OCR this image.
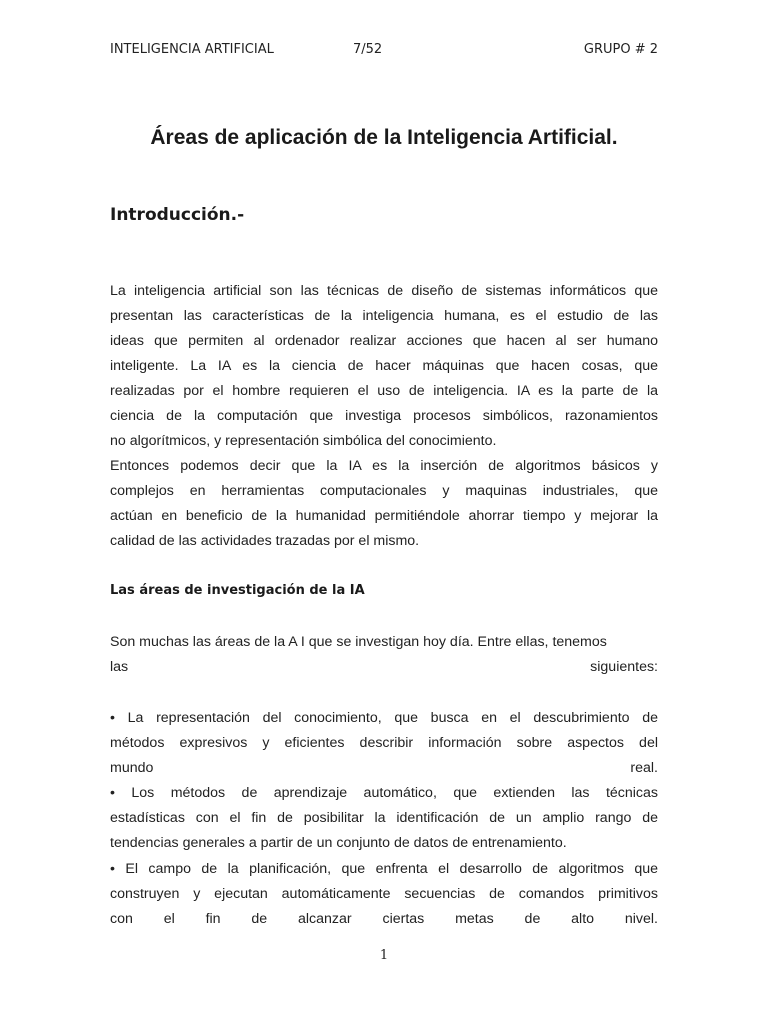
INTELIGENCIA ARTIFICIAL	7/52	GRUPO # 2
Áreas de aplicación de la Inteligencia Artificial.
Introducción.-
La inteligencia artificial son las técnicas de diseño de sistemas informáticos que
presentan las características de la inteligencia humana, es el estudio de las
ideas que permiten al ordenador realizar acciones que hacen al ser humano
inteligente. La IA es la ciencia de hacer máquinas que hacen cosas, que
realizadas por el hombre requieren el uso de inteligencia. IA es la parte de la
ciencia de la computación que investiga procesos simbólicos, razonamientos
no algorítmicos, y representación simbólica del conocimiento.
Entonces podemos decir que la IA es la inserción de algoritmos básicos y
complejos en herramientas computacionales y maquinas industriales, que
actúan en beneficio de la humanidad permitiéndole ahorrar tiempo y mejorar la
calidad de las actividades trazadas por el mismo.
Las áreas de investigación de la IA
Son muchas las áreas de la A I que se investigan hoy día. Entre ellas, tenemos
las	siguientes:
• La representación del conocimiento, que busca en el descubrimiento de
métodos expresivos y eficientes describir información sobre aspectos del
mundo real.
• Los métodos de aprendizaje automático, que extienden las técnicas
estadísticas con el fin de posibilitar la identificación de un amplio rango de
tendencias generales a partir de un conjunto de datos de entrenamiento.
• El campo de la planificación, que enfrenta el desarrollo de algoritmos que
construyen y ejecutan automáticamente secuencias de comandos primitivos
con el fin de alcanzar ciertas metas de alto nivel.
1
